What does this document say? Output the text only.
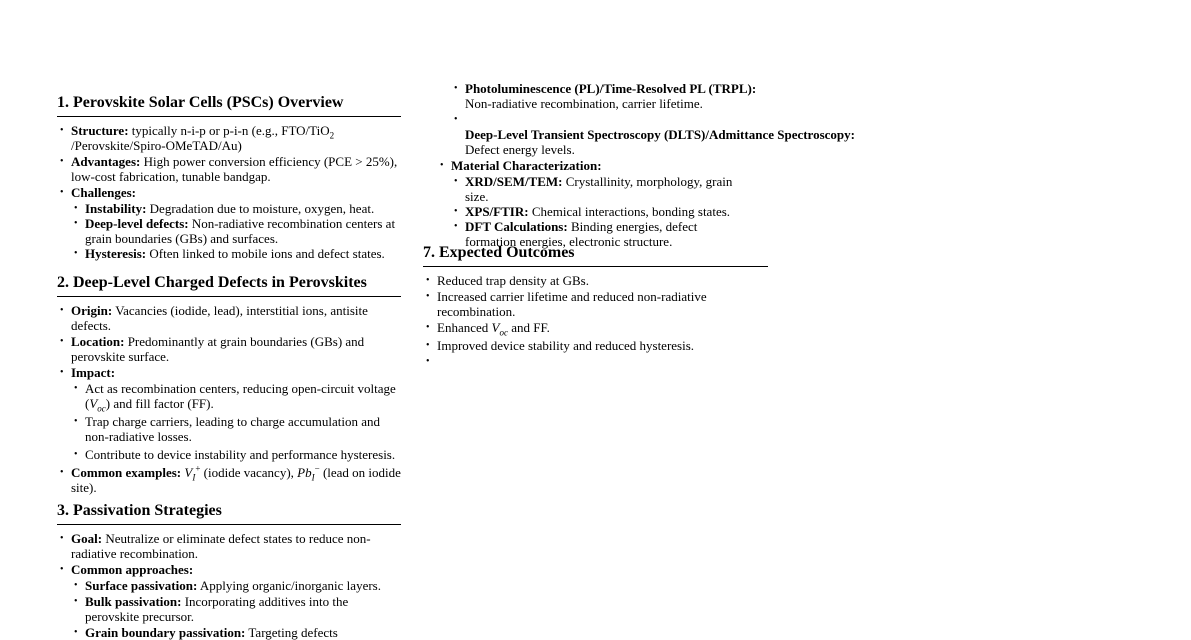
1. Perovskite Solar Cells (PSCs) Overview
• Structure: typically n-i-p or p-i-n (e.g., FTO/TiO$_2$
/Perovskite/Spiro-OMeTAD/Au)
• Advantages: High power conversion efficiency (PCE > 25%), low-cost fabrication, tunable bandgap.
• Challenges:
• Instability: Degradation due to moisture, oxygen, heat.
• Deep-level defects: Non-radiative recombination centers at grain boundaries (GBs) and surfaces.
• Hysteresis: Often linked to mobile ions and defect states.
2. Deep-Level Charged Defects in Perovskites
• Origin: Vacancies (iodide, lead), interstitial ions, antisite defects.
• Location: Predominantly at grain boundaries (GBs) and perovskite surface.
• Impact:
• Act as recombination centers, reducing open-circuit voltage $(V_{oc})$ and fill factor (FF).
• Trap charge carriers, leading to charge accumulation and non-radiative losses.
• Contribute to device instability and performance hysteresis.
• Common examples: $V_I^+$ (iodide vacancy), $Pb_I^-$ (lead on iodide site).
3. Passivation Strategies
• Goal: Neutralize or eliminate defect states to reduce non-radiative recombination.
• Common approaches:
• Surface passivation: Applying organic/inorganic layers.
• Bulk passivation: Incorporating additives into the perovskite precursor.
• Grain boundary passivation: Targeting defects
• Photoluminescence (PL)/Time-Resolved PL (TRPL):
Non-radiative recombination, carrier lifetime.
• Deep-Level Transient Spectroscopy (DLTS)/Admittance Spectroscopy:
Defect energy levels.
• Material Characterization:
• XRD/SEM/TEM: Crystallinity, morphology, grain size.
• XPS/FTIR: Chemical interactions, bonding states.
• DFT Calculations: Binding energies, defect formation energies, electronic structure.
7. Expected Outcomes
• Reduced trap density at GBs.
• Increased carrier lifetime and reduced non-radiative recombination.
• Enhanced $V_{oc}$ and FF.
• Improved device stability and reduced hysteresis.
•
